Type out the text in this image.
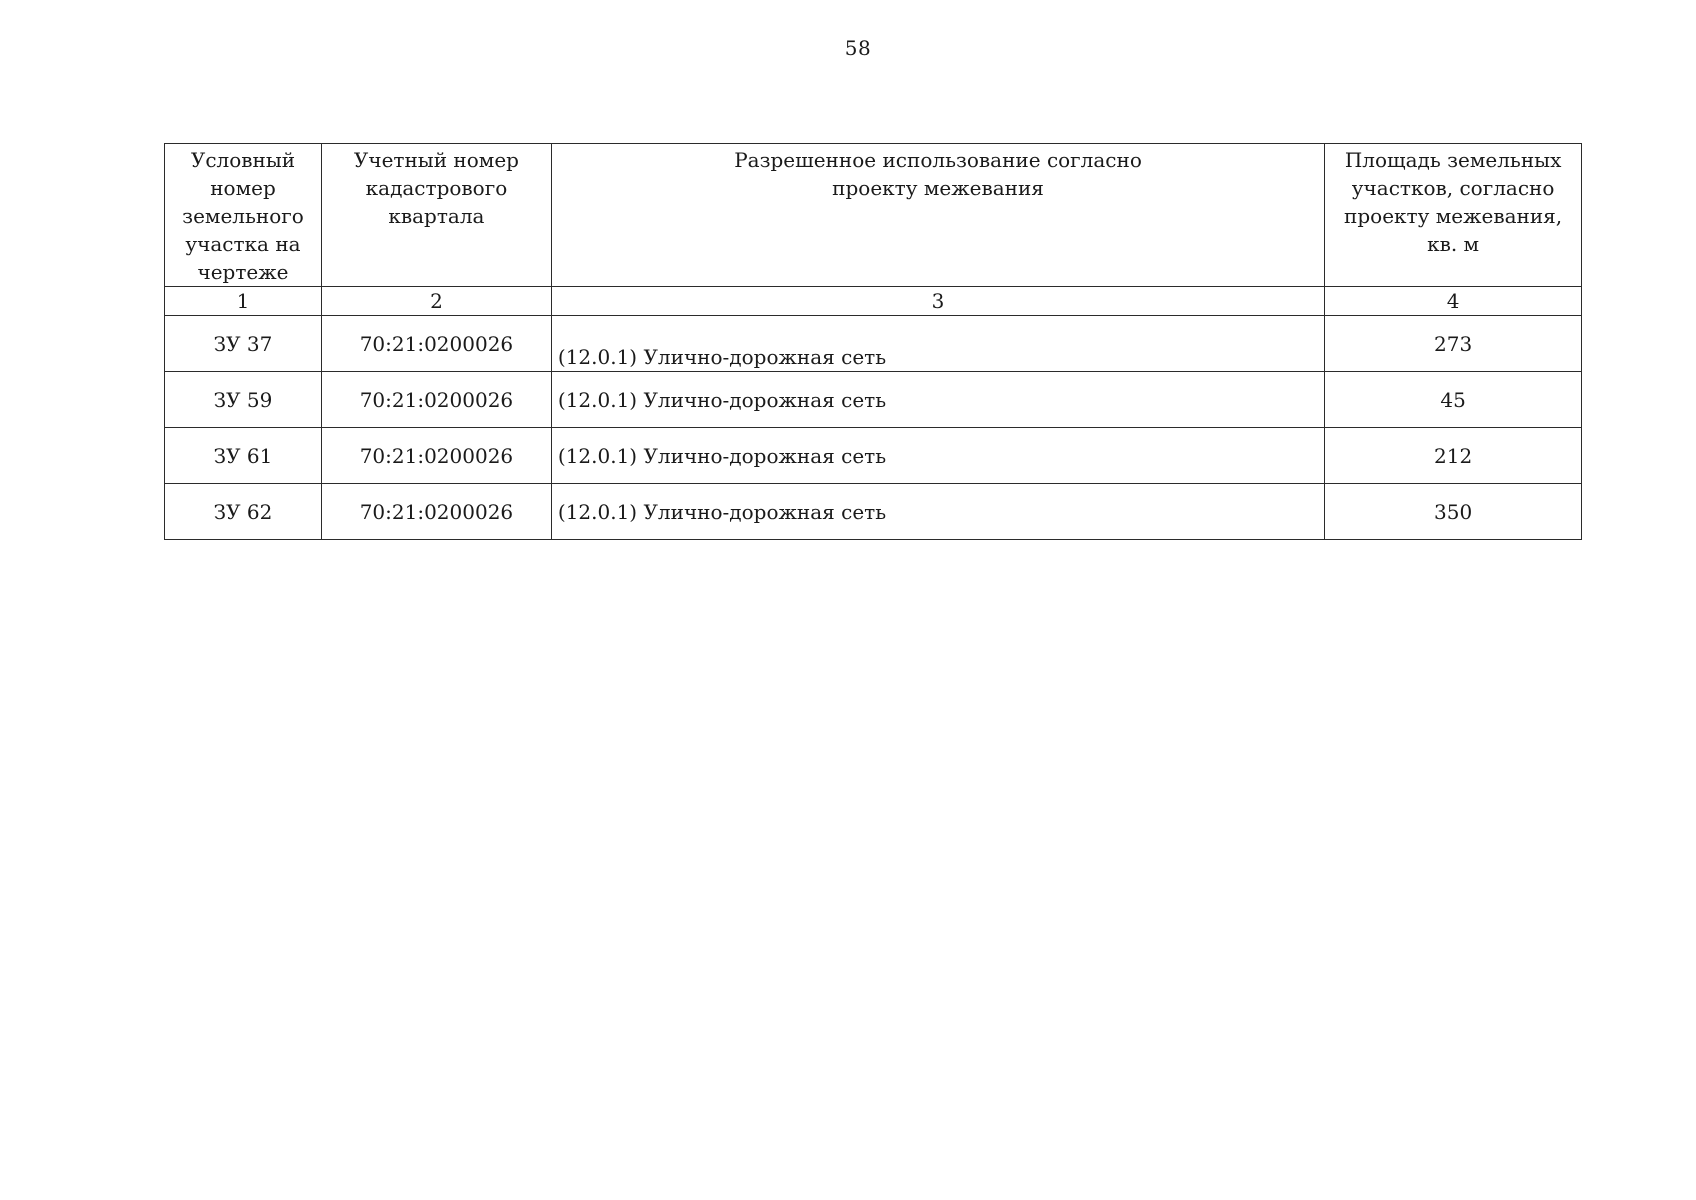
58
Условный номер земельного участка на чертеже	Учетный номер кадастрового квартала	Разрешенное использование согласно проекту межевания	Площадь земельных участков, согласно проекту межевания, кв. м
1	2	3	4
ЗУ 37	70:21:0200026	(12.0.1) Улично-дорожная сеть	273
ЗУ 59	70:21:0200026	(12.0.1) Улично-дорожная сеть	45
ЗУ 61	70:21:0200026	(12.0.1) Улично-дорожная сеть	212
ЗУ 62	70:21:0200026	(12.0.1) Улично-дорожная сеть	350
